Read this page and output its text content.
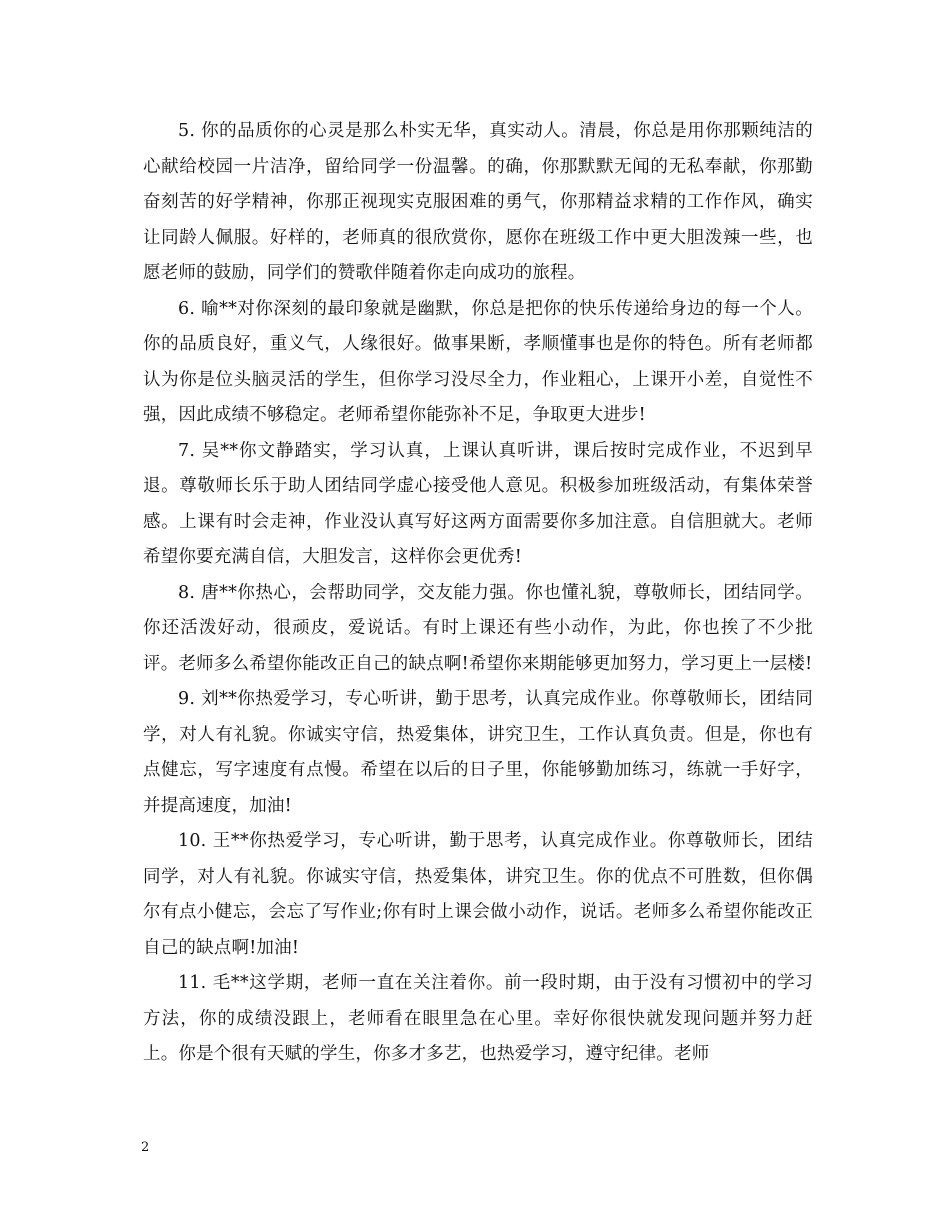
5. 你的品质你的心灵是那么朴实无华，真实动人。清晨，你总是用你那颗纯洁的心献给校园一片洁净，留给同学一份温馨。的确，你那默默无闻的无私奉献，你那勤奋刻苦的好学精神，你那正视现实克服困难的勇气，你那精益求精的工作作风，确实让同龄人佩服。好样的，老师真的很欣赏你，愿你在班级工作中更大胆泼辣一些，也愿老师的鼓励，同学们的赞歌伴随着你走向成功的旅程。

6. 喻**对你深刻的最印象就是幽默，你总是把你的快乐传递给身边的每一个人。你的品质良好，重义气，人缘很好。做事果断，孝顺懂事也是你的特色。所有老师都认为你是位头脑灵活的学生，但你学习没尽全力，作业粗心，上课开小差，自觉性不强，因此成绩不够稳定。老师希望你能弥补不足，争取更大进步!

7. 吴**你文静踏实，学习认真，上课认真听讲，课后按时完成作业，不迟到早退。尊敬师长乐于助人团结同学虚心接受他人意见。积极参加班级活动，有集体荣誉感。上课有时会走神，作业没认真写好这两方面需要你多加注意。自信胆就大。老师希望你要充满自信，大胆发言，这样你会更优秀!

8. 唐**你热心，会帮助同学，交友能力强。你也懂礼貌，尊敬师长，团结同学。你还活泼好动，很顽皮，爱说话。有时上课还有些小动作，为此，你也挨了不少批评。老师多么希望你能改正自己的缺点啊!希望你来期能够更加努力，学习更上一层楼!

9. 刘**你热爱学习，专心听讲，勤于思考，认真完成作业。你尊敬师长，团结同学，对人有礼貌。你诚实守信，热爱集体，讲究卫生，工作认真负责。但是，你也有点健忘，写字速度有点慢。希望在以后的日子里，你能够勤加练习，练就一手好字，并提高速度，加油!

10. 王**你热爱学习，专心听讲，勤于思考，认真完成作业。你尊敬师长，团结同学，对人有礼貌。你诚实守信，热爱集体，讲究卫生。你的优点不可胜数，但你偶尔有点小健忘，会忘了写作业;你有时上课会做小动作，说话。老师多么希望你能改正自己的缺点啊!加油!

11. 毛**这学期，老师一直在关注着你。前一段时期，由于没有习惯初中的学习方法，你的成绩没跟上，老师看在眼里急在心里。幸好你很快就发现问题并努力赶上。你是个很有天赋的学生，你多才多艺，也热爱学习，遵守纪律。老师

2
